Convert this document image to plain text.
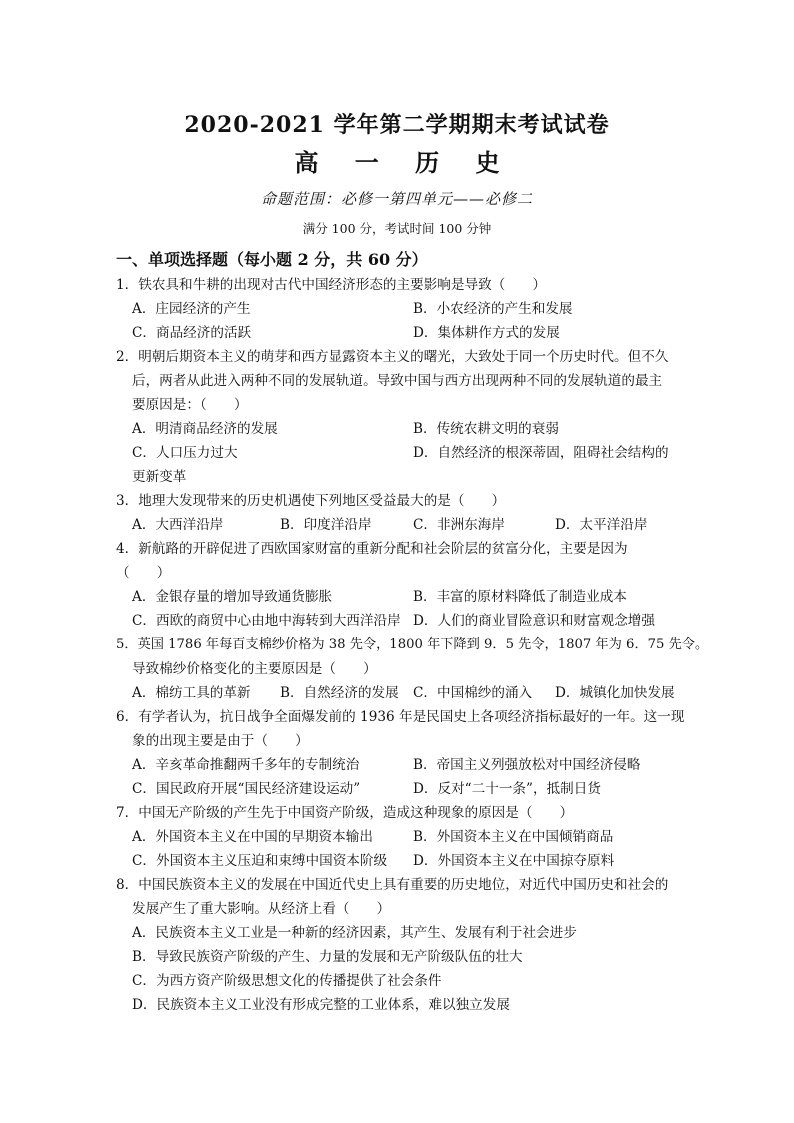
2020-2021 学年第二学期期末考试试卷
高 一 历 史
命题范围：必修一第四单元——必修二
满分 100 分，考试时间 100 分钟
一、单项选择题（每小题 2 分，共 60 分）
1．铁农具和牛耕的出现对古代中国经济形态的主要影响是导致（　　）
A．庄园经济的产生	B．小农经济的产生和发展
C．商品经济的活跃	D．集体耕作方式的发展
2．明朝后期资本主义的萌芽和西方显露资本主义的曙光，大致处于同一个历史时代。但不久
后，两者从此进入两种不同的发展轨道。导致中国与西方出现两种不同的发展轨道的最主
要原因是：（　　）
A．明清商品经济的发展	B．传统农耕文明的衰弱
C．人口压力过大	D．自然经济的根深蒂固，阻碍社会结构的
更新变革
3．地理大发现带来的历史机遇使下列地区受益最大的是（　　）
A．大西洋沿岸	B．印度洋沿岸	C．非洲东海岸	D．太平洋沿岸
4．新航路的开辟促进了西欧国家财富的重新分配和社会阶层的贫富分化，主要是因为
（　　）
A．金银存量的增加导致通货膨胀	B．丰富的原材料降低了制造业成本
C．西欧的商贸中心由地中海转到大西洋沿岸 D．人们的商业冒险意识和财富观念增强
5．英国 1786 年每百支棉纱价格为 38 先令，1800 年下降到 9．5 先令，1807 年为 6．75 先令。
导致棉纱价格变化的主要原因是（　　）
A．棉纺工具的革新 B．自然经济的发展 C．中国棉纱的涌入 D．城镇化加快发展
6．有学者认为，抗日战争全面爆发前的 1936 年是民国史上各项经济指标最好的一年。这一现
象的出现主要是由于（　　）
A．辛亥革命推翻两千多年的专制统治	B．帝国主义列强放松对中国经济侵略
C．国民政府开展“国民经济建设运动”	D．反对“二十一条”，抵制日货
7．中国无产阶级的产生先于中国资产阶级，造成这种现象的原因是（　　）
A．外国资本主义在中国的早期资本输出	B．外国资本主义在中国倾销商品
C．外国资本主义压迫和束缚中国资本阶级 D．外国资本主义在中国掠夺原料
8．中国民族资本主义的发展在中国近代史上具有重要的历史地位，对近代中国历史和社会的
发展产生了重大影响。从经济上看（　　）
A．民族资本主义工业是一种新的经济因素，其产生、发展有利于社会进步
B．导致民族资产阶级的产生、力量的发展和无产阶级队伍的壮大
C．为西方资产阶级思想文化的传播提供了社会条件
D．民族资本主义工业没有形成完整的工业体系，难以独立发展
